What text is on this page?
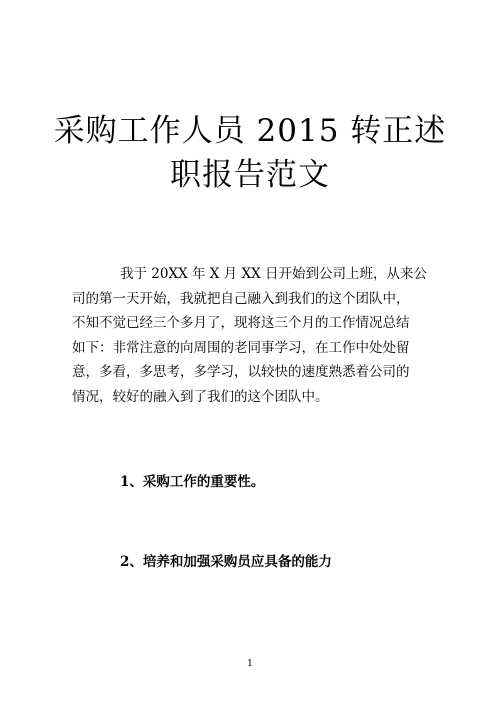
采购工作人员 2015 转正述
职报告范文
我于 20XX 年 X 月 XX 日开始到公司上班，从来公
司的第一天开始，我就把自己融入到我们的这个团队中，
不知不觉已经三个多月了，现将这三个月的工作情况总结
如下：非常注意的向周围的老同事学习，在工作中处处留
意，多看，多思考，多学习，以较快的速度熟悉着公司的
情况，较好的融入到了我们的这个团队中。
1、采购工作的重要性。
2、培养和加强采购员应具备的能力
1
